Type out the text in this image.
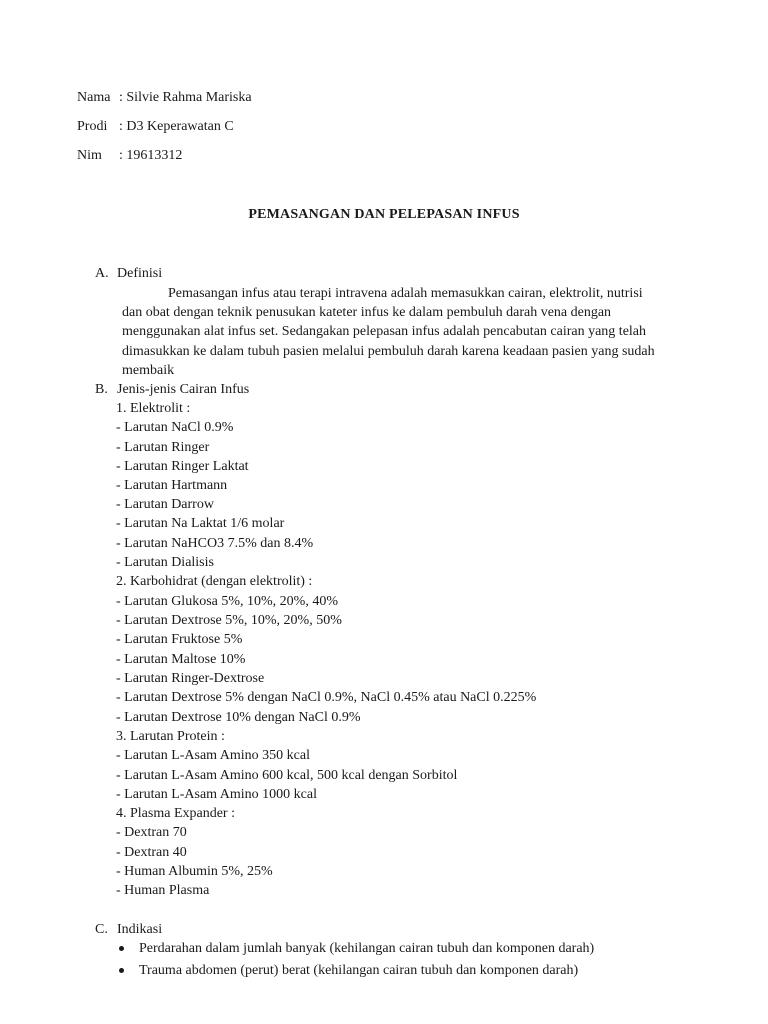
Nama : Silvie Rahma Mariska
Prodi : D3 Keperawatan C
Nim : 19613312
PEMASANGAN DAN PELEPASAN INFUS
A. Definisi
Pemasangan infus atau terapi intravena adalah memasukkan cairan, elektrolit, nutrisi
dan obat dengan teknik penusukan kateter infus ke dalam pembuluh darah vena dengan
menggunakan alat infus set. Sedangakan pelepasan infus adalah pencabutan cairan yang telah
dimasukkan ke dalam tubuh pasien melalui pembuluh darah karena keadaan pasien yang sudah
membaik
B. Jenis-jenis Cairan Infus
1. Elektrolit :
- Larutan NaCl 0.9%
- Larutan Ringer
- Larutan Ringer Laktat
- Larutan Hartmann
- Larutan Darrow
- Larutan Na Laktat 1/6 molar
- Larutan NaHCO3 7.5% dan 8.4%
- Larutan Dialisis
2. Karbohidrat (dengan elektrolit) :
- Larutan Glukosa 5%, 10%, 20%, 40%
- Larutan Dextrose 5%, 10%, 20%, 50%
- Larutan Fruktose 5%
- Larutan Maltose 10%
- Larutan Ringer-Dextrose
- Larutan Dextrose 5% dengan NaCl 0.9%, NaCl 0.45% atau NaCl 0.225%
- Larutan Dextrose 10% dengan NaCl 0.9%
3. Larutan Protein :
- Larutan L-Asam Amino 350 kcal
- Larutan L-Asam Amino 600 kcal, 500 kcal dengan Sorbitol
- Larutan L-Asam Amino 1000 kcal
4. Plasma Expander :
- Dextran 70
- Dextran 40
- Human Albumin 5%, 25%
- Human Plasma
C. Indikasi
Perdarahan dalam jumlah banyak (kehilangan cairan tubuh dan komponen darah)
Trauma abdomen (perut) berat (kehilangan cairan tubuh dan komponen darah)
